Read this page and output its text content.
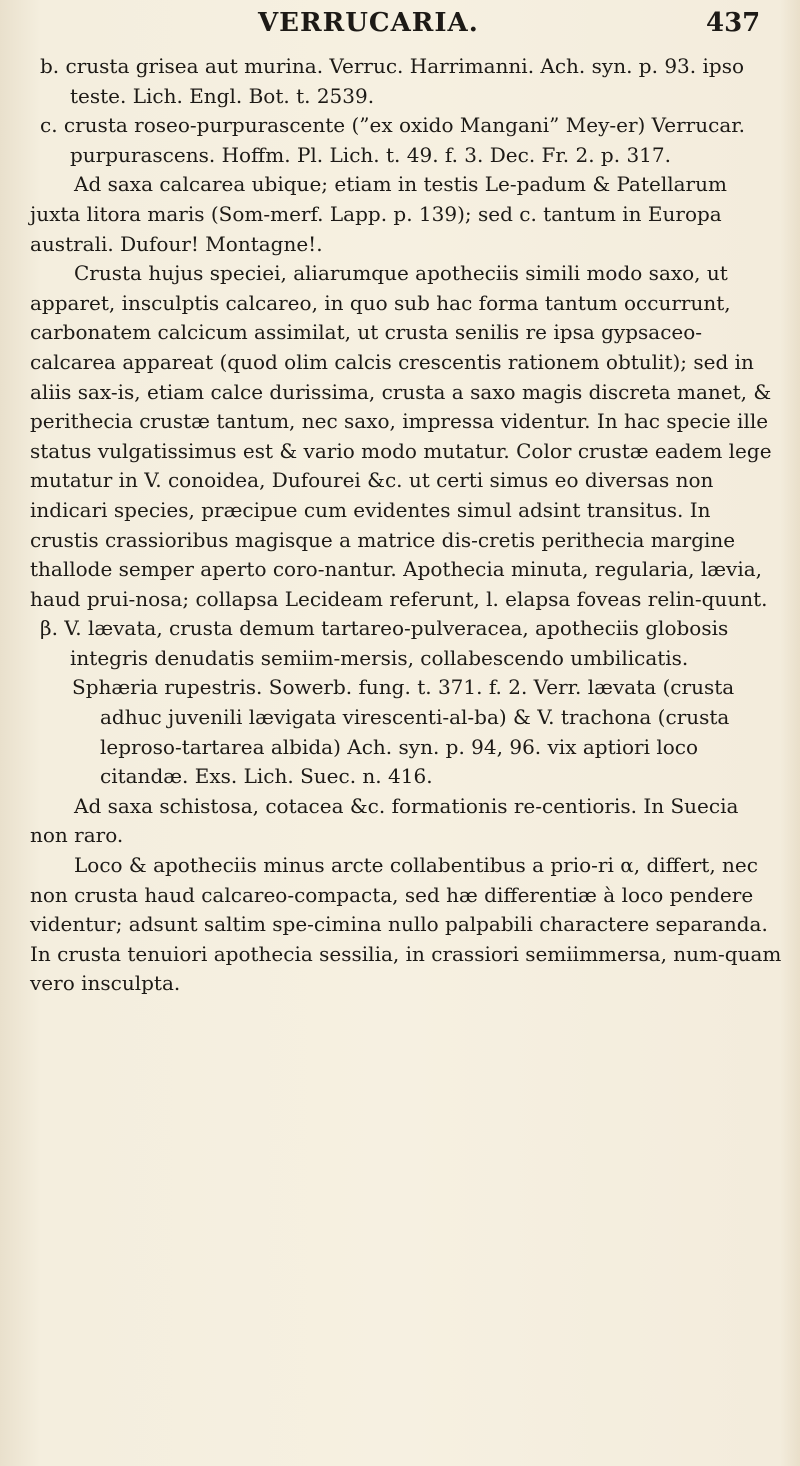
VERRUCARIA.	437

b. crusta grisea aut murina. Verruc. Harrimanni. Ach. syn. p. 93. ipso teste. Lich. Engl. Bot. t. 2539.

c. crusta roseo-purpurascente (”ex oxido Mangani” Mey-er) Verrucar. purpurascens. Hoffm. Pl. Lich. t. 49. f. 3. Dec. Fr. 2. p. 317.

Ad saxa calcarea ubique; etiam in testis Le-padum & Patellarum juxta litora maris (Som-merf. Lapp. p. 139); sed c. tantum in Europa australi. Dufour! Montagne!.

Crusta hujus speciei, aliarumque apotheciis simili modo saxo, ut apparet, insculptis calcareo, in quo sub hac forma tantum occurrunt, carbonatem calcicum assimilat, ut crusta senilis re ipsa gypsaceo-calcarea appareat (quod olim calcis crescentis rationem obtulit); sed in aliis sax-is, etiam calce durissima, crusta a saxo magis discreta manet, & perithecia crustæ tantum, nec saxo, impressa videntur. In hac specie ille status vulgatissimus est & vario modo mutatur. Color crustæ eadem lege mutatur in V. conoidea, Dufourei &c. ut certi simus eo diversas non indicari species, præcipue cum evidentes simul adsint transitus. In crustis crassioribus magisque a matrice dis-cretis perithecia margine thallode semper aperto coro-nantur. Apothecia minuta, regularia, lævia, haud prui-nosa; collapsa Lecideam referunt, l. elapsa foveas relin-quunt.

β. V. lævata, crusta demum tartareo-pulveracea, apotheciis globosis integris denudatis semiim-mersis, collabescendo umbilicatis.

Sphæria rupestris. Sowerb. fung. t. 371. f. 2. Verr. lævata (crusta adhuc juvenili lævigata virescenti-al-ba) & V. trachona (crusta leproso-tartarea albida) Ach. syn. p. 94, 96. vix aptiori loco citandæ. Exs. Lich. Suec. n. 416.

Ad saxa schistosa, cotacea &c. formationis re-centioris. In Suecia non raro.

Loco & apotheciis minus arcte collabentibus a prio-ri α, differt, nec non crusta haud calcareo-compacta, sed hæ differentiæ à loco pendere videntur; adsunt saltim spe-cimina nullo palpabili charactere separanda. In crusta tenuiori apothecia sessilia, in crassiori semiimmersa, num-quam vero insculpta.
